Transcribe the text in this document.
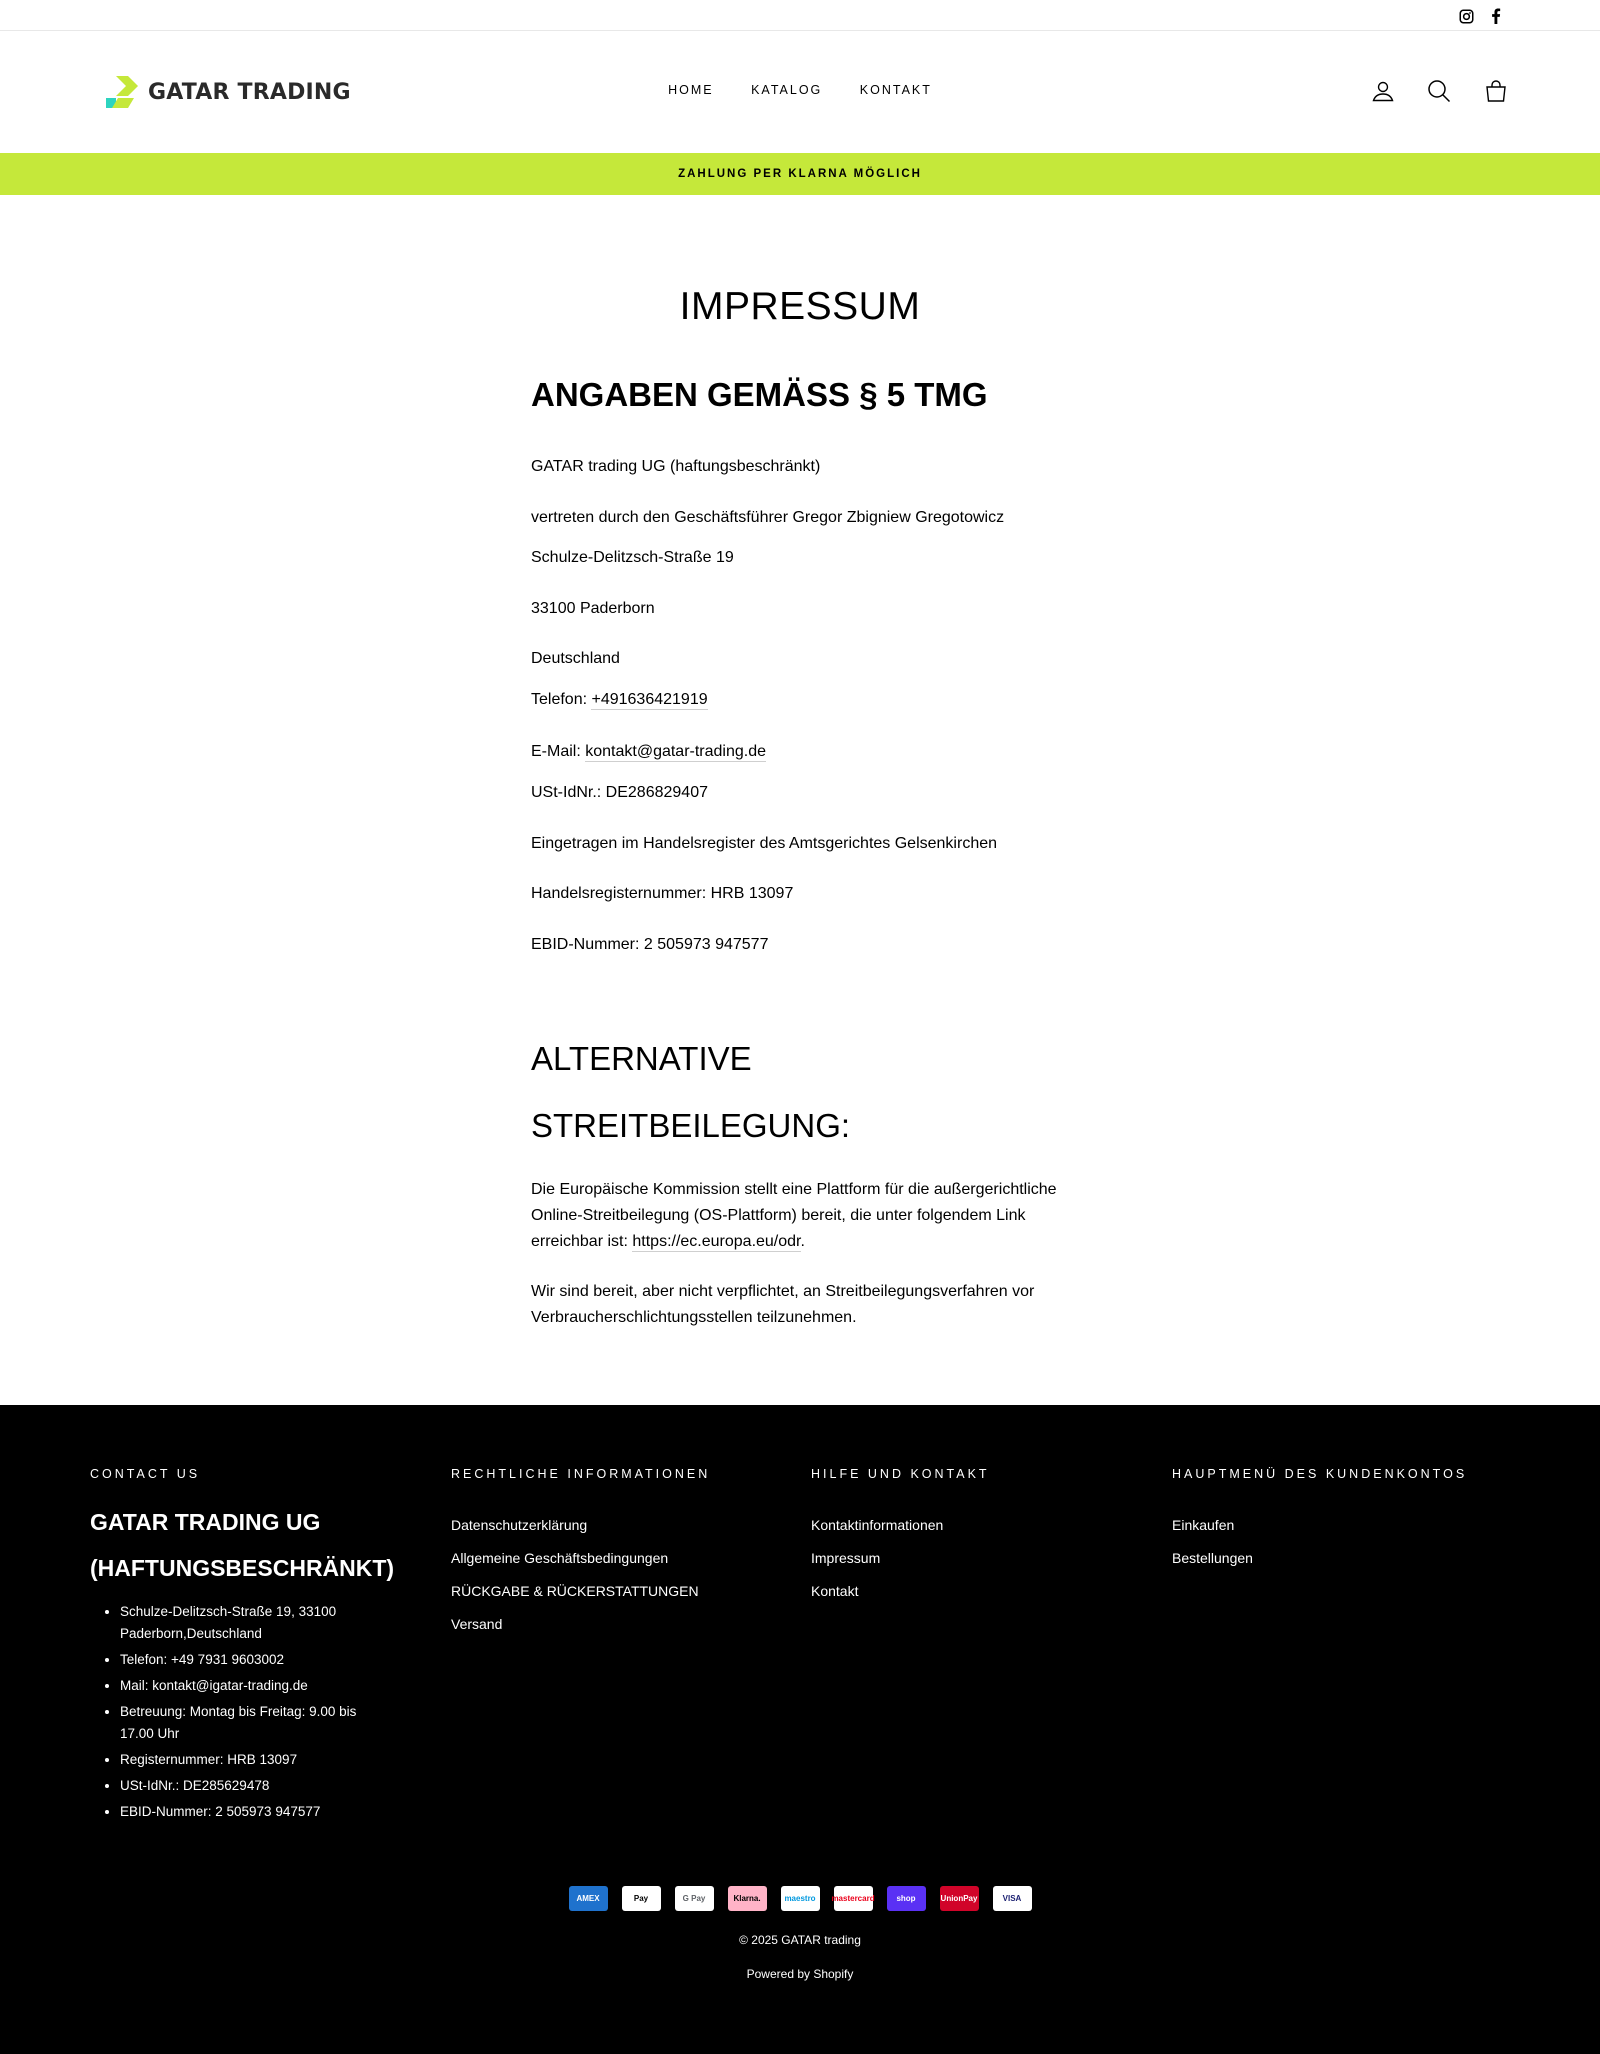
GATAR TRADING	HOME	KATALOG	KONTAKT
ZAHLUNG PER KLARNA MÖGLICH
IMPRESSUM
ANGABEN GEMÄSS § 5 TMG

GATAR trading UG (haftungsbeschränkt)

vertreten durch den Geschäftsführer Gregor Zbigniew Gregotowicz

Schulze-Delitzsch-Straße 19

33100 Paderborn

Deutschland

Telefon: +491636421919

E-Mail: kontakt@gatar-trading.de

USt-IdNr.: DE286829407

Eingetragen im Handelsregister des Amtsgerichtes Gelsenkirchen

Handelsregisternummer: HRB 13097

EBID-Nummer: 2 505973 947577

ALTERNATIVE
STREITBEILEGUNG:

Die Europäische Kommission stellt eine Plattform für die außergerichtliche Online-Streitbeilegung (OS-Plattform) bereit, die unter folgendem Link erreichbar ist: https://ec.europa.eu/odr.

Wir sind bereit, aber nicht verpflichtet, an Streitbeilegungsverfahren vor Verbraucherschlichtungsstellen teilzunehmen.

CONTACT US
GATAR TRADING UG (HAFTUNGSBESCHRÄNKT)
• Schulze-Delitzsch-Straße 19, 33100 Paderborn,Deutschland
• Telefon: +49 7931 9603002
• Mail: kontakt@igatar-trading.de
• Betreuung: Montag bis Freitag: 9.00 bis 17.00 Uhr
• Registernummer: HRB 13097
• USt-IdNr.: DE285629478
• EBID-Nummer: 2 505973 947577
RECHTLICHE INFORMATIONEN
Datenschutzerklärung
Allgemeine Geschäftsbedingungen
RÜCKGABE & RÜCKERSTATTUNGEN
Versand
HILFE UND KONTAKT
Kontaktinformationen
Impressum
Kontakt
HAUPTMENÜ DES KUNDENKONTOS
Einkaufen
Bestellungen
AMEX	Pay	G Pay	Klarna.	maestro	mastercard	shop	UnionPay	VISA
© 2025 GATAR trading
Powered by Shopify
